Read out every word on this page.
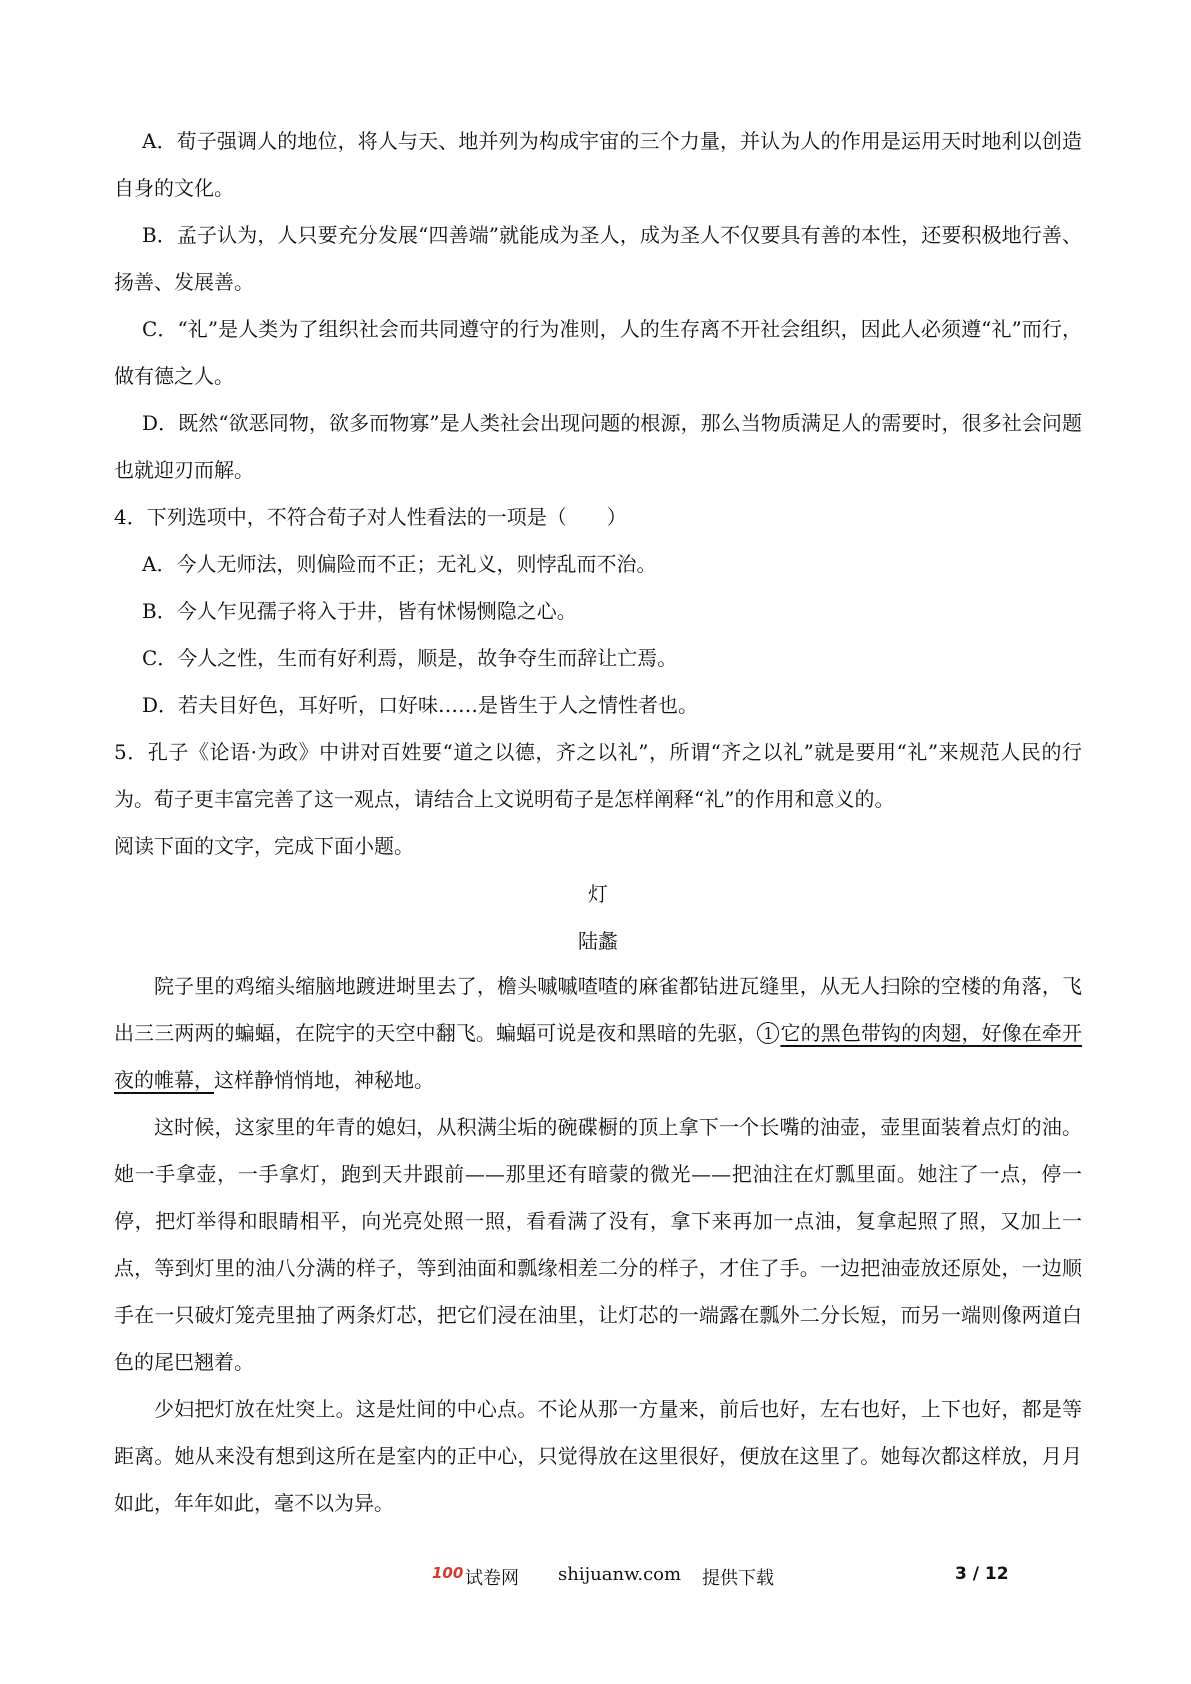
A．荀子强调人的地位，将人与天、地并列为构成宇宙的三个力量，并认为人的作用是运用天时地利以创造自身的文化。

B．孟子认为，人只要充分发展“四善端”就能成为圣人，成为圣人不仅要具有善的本性，还要积极地行善、扬善、发展善。

C．“礼”是人类为了组织社会而共同遵守的行为准则，人的生存离不开社会组织，因此人必须遵“礼”而行，做有德之人。

D．既然“欲恶同物，欲多而物寡”是人类社会出现问题的根源，那么当物质满足人的需要时，很多社会问题也就迎刃而解。

4．下列选项中，不符合荀子对人性看法的一项是（　　）

A．今人无师法，则偏险而不正；无礼义，则悖乱而不治。

B．今人乍见孺子将入于井，皆有怵惕恻隐之心。

C．今人之性，生而有好利焉，顺是，故争夺生而辞让亡焉。

D．若夫目好色，耳好听，口好味……是皆生于人之情性者也。

5．孔子《论语·为政》中讲对百姓要“道之以德，齐之以礼”，所谓“齐之以礼”就是要用“礼”来规范人民的行为。荀子更丰富完善了这一观点，请结合上文说明荀子是怎样阐释“礼”的作用和意义的。

阅读下面的文字，完成下面小题。

灯

陆蠡

院子里的鸡缩头缩脑地踱进埘里去了，檐头嘁嘁喳喳的麻雀都钻进瓦缝里，从无人扫除的空楼的角落，飞出三三两两的蝙蝠，在院宇的天空中翻飞。蝙蝠可说是夜和黑暗的先驱， 1 它的黑色带钩的肉翅，好像在牵开夜的帷幕，这样静悄悄地，神秘地。

这时候，这家里的年青的媳妇，从积满尘垢的碗碟橱的顶上拿下一个长嘴的油壶，壶里面装着点灯的油。她一手拿壶，一手拿灯，跑到天井跟前——那里还有暗蒙的微光——把油注在灯瓢里面。她注了一点，停一停，把灯举得和眼睛相平，向光亮处照一照，看看满了没有，拿下来再加一点油，复拿起照了照，又加上一点，等到灯里的油八分满的样子，等到油面和瓢缘相差二分的样子，才住了手。一边把油壶放还原处，一边顺手在一只破灯笼壳里抽了两条灯芯，把它们浸在油里，让灯芯的一端露在瓢外二分长短，而另一端则像两道白色的尾巴翘着。

少妇把灯放在灶突上。这是灶间的中心点。不论从那一方量来，前后也好，左右也好，上下也好，都是等距离。她从来没有想到这所在是室内的正中心，只觉得放在这里很好，便放在这里了。她每次都这样放，月月如此，年年如此，毫不以为异。

100 试卷网 shijuanw.com 提供下载	3 / 12
